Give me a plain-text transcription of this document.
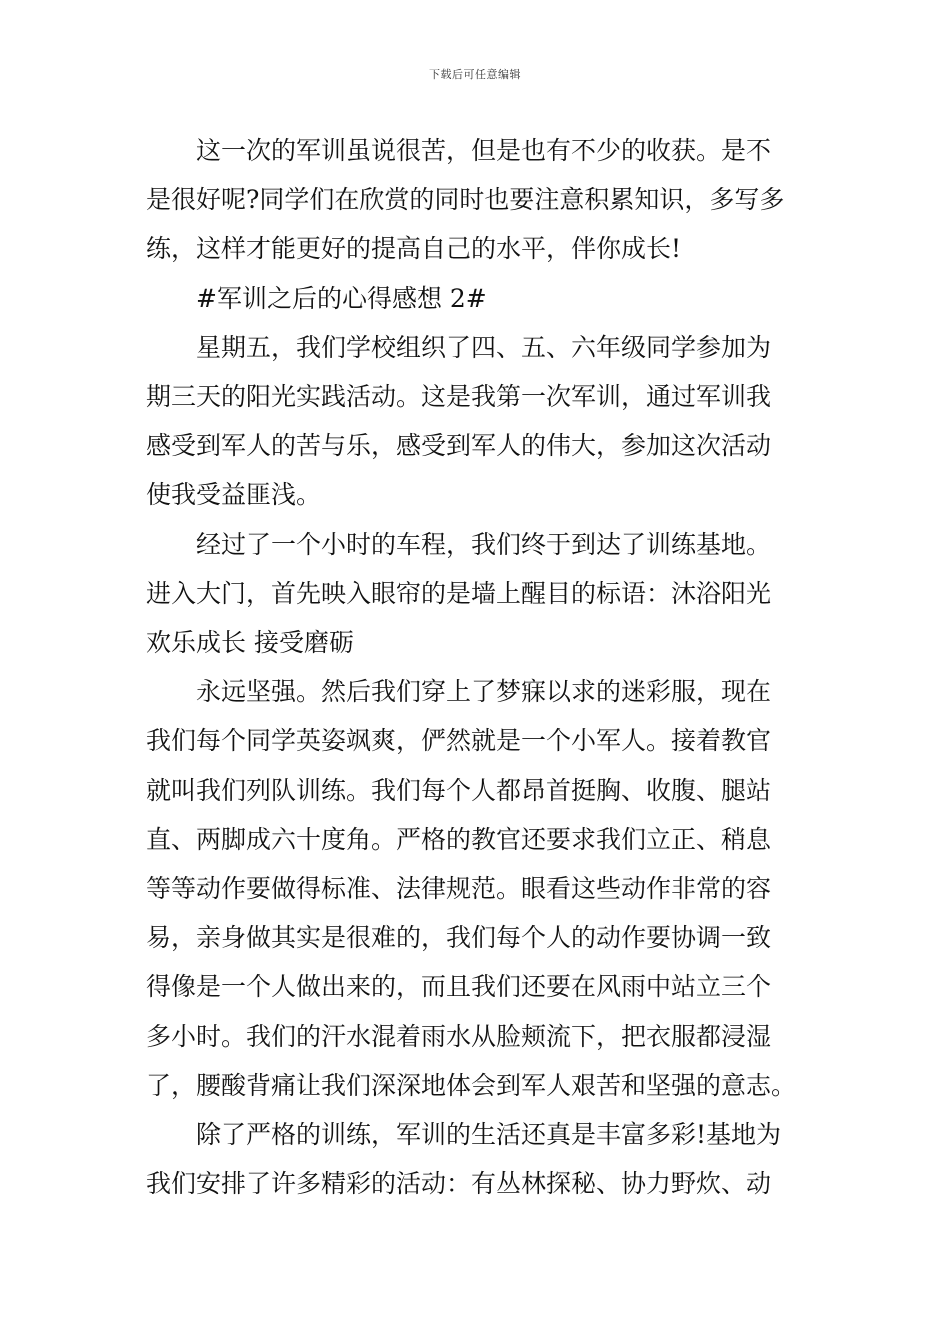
下载后可任意编辑
这一次的军训虽说很苦，但是也有不少的收获。是不
是很好呢?同学们在欣赏的同时也要注意积累知识，多写多
练，这样才能更好的提高自己的水平，伴你成长!
#军训之后的心得感想 2#
星期五，我们学校组织了四、五、六年级同学参加为
期三天的阳光实践活动。这是我第一次军训，通过军训我
感受到军人的苦与乐，感受到军人的伟大，参加这次活动
使我受益匪浅。
经过了一个小时的车程，我们终于到达了训练基地。
进入大门，首先映入眼帘的是墙上醒目的标语：沐浴阳光
欢乐成长 接受磨砺
永远坚强。然后我们穿上了梦寐以求的迷彩服，现在
我们每个同学英姿飒爽，俨然就是一个小军人。接着教官
就叫我们列队训练。我们每个人都昂首挺胸、收腹、腿站
直、两脚成六十度角。严格的教官还要求我们立正、稍息
等等动作要做得标准、法律规范。眼看这些动作非常的容
易，亲身做其实是很难的，我们每个人的动作要协调一致
得像是一个人做出来的，而且我们还要在风雨中站立三个
多小时。我们的汗水混着雨水从脸颊流下，把衣服都浸湿
了，腰酸背痛让我们深深地体会到军人艰苦和坚强的意志。
除了严格的训练，军训的生活还真是丰富多彩!基地为
我们安排了许多精彩的活动：有丛林探秘、协力野炊、动
